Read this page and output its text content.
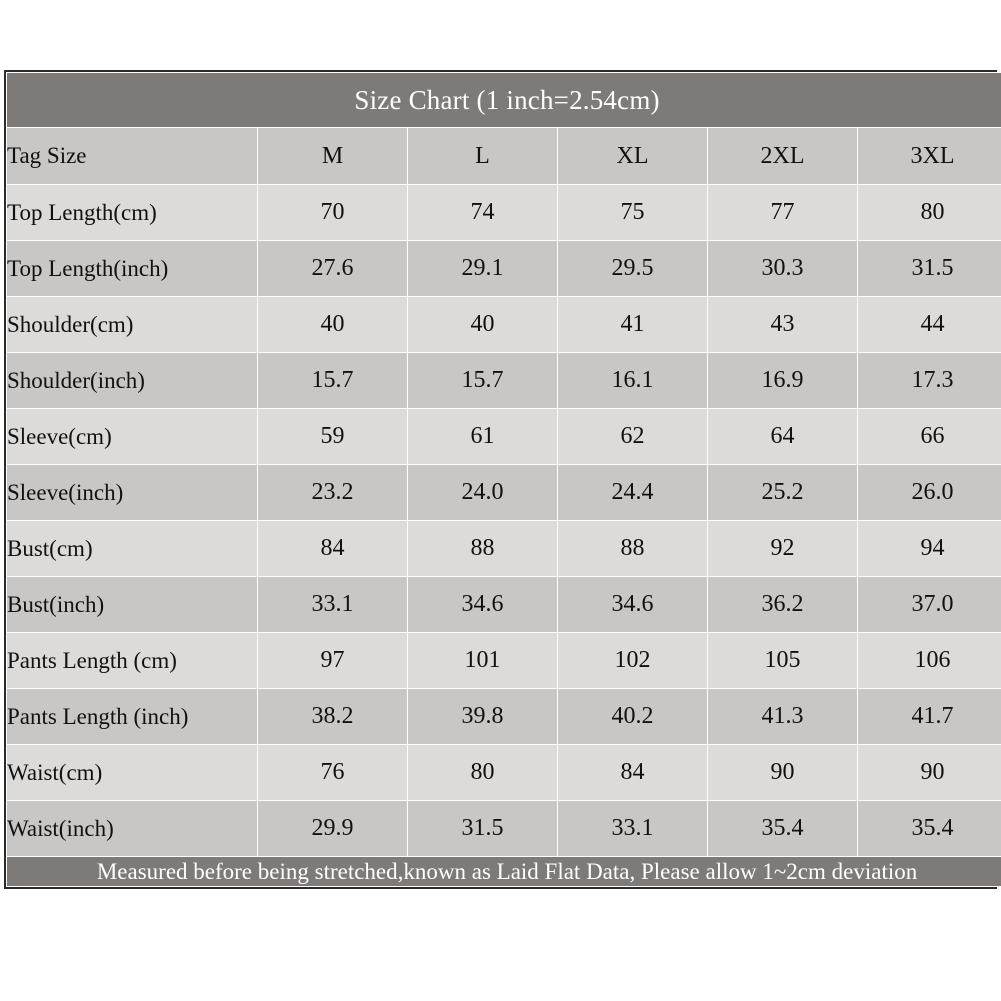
Size Chart (1 inch=2.54cm)					
Tag Size	M	L	XL	2XL	3XL
Top Length(cm)	70	74	75	77	80
Top Length(inch)	27.6	29.1	29.5	30.3	31.5
Shoulder(cm)	40	40	41	43	44
Shoulder(inch)	15.7	15.7	16.1	16.9	17.3
Sleeve(cm)	59	61	62	64	66
Sleeve(inch)	23.2	24.0	24.4	25.2	26.0
Bust(cm)	84	88	88	92	94
Bust(inch)	33.1	34.6	34.6	36.2	37.0
Pants Length (cm)	97	101	102	105	106
Pants Length (inch)	38.2	39.8	40.2	41.3	41.7
Waist(cm)	76	80	84	90	90
Waist(inch)	29.9	31.5	33.1	35.4	35.4
Measured before being stretched,known as Laid Flat Data, Please allow 1~2cm deviation					
